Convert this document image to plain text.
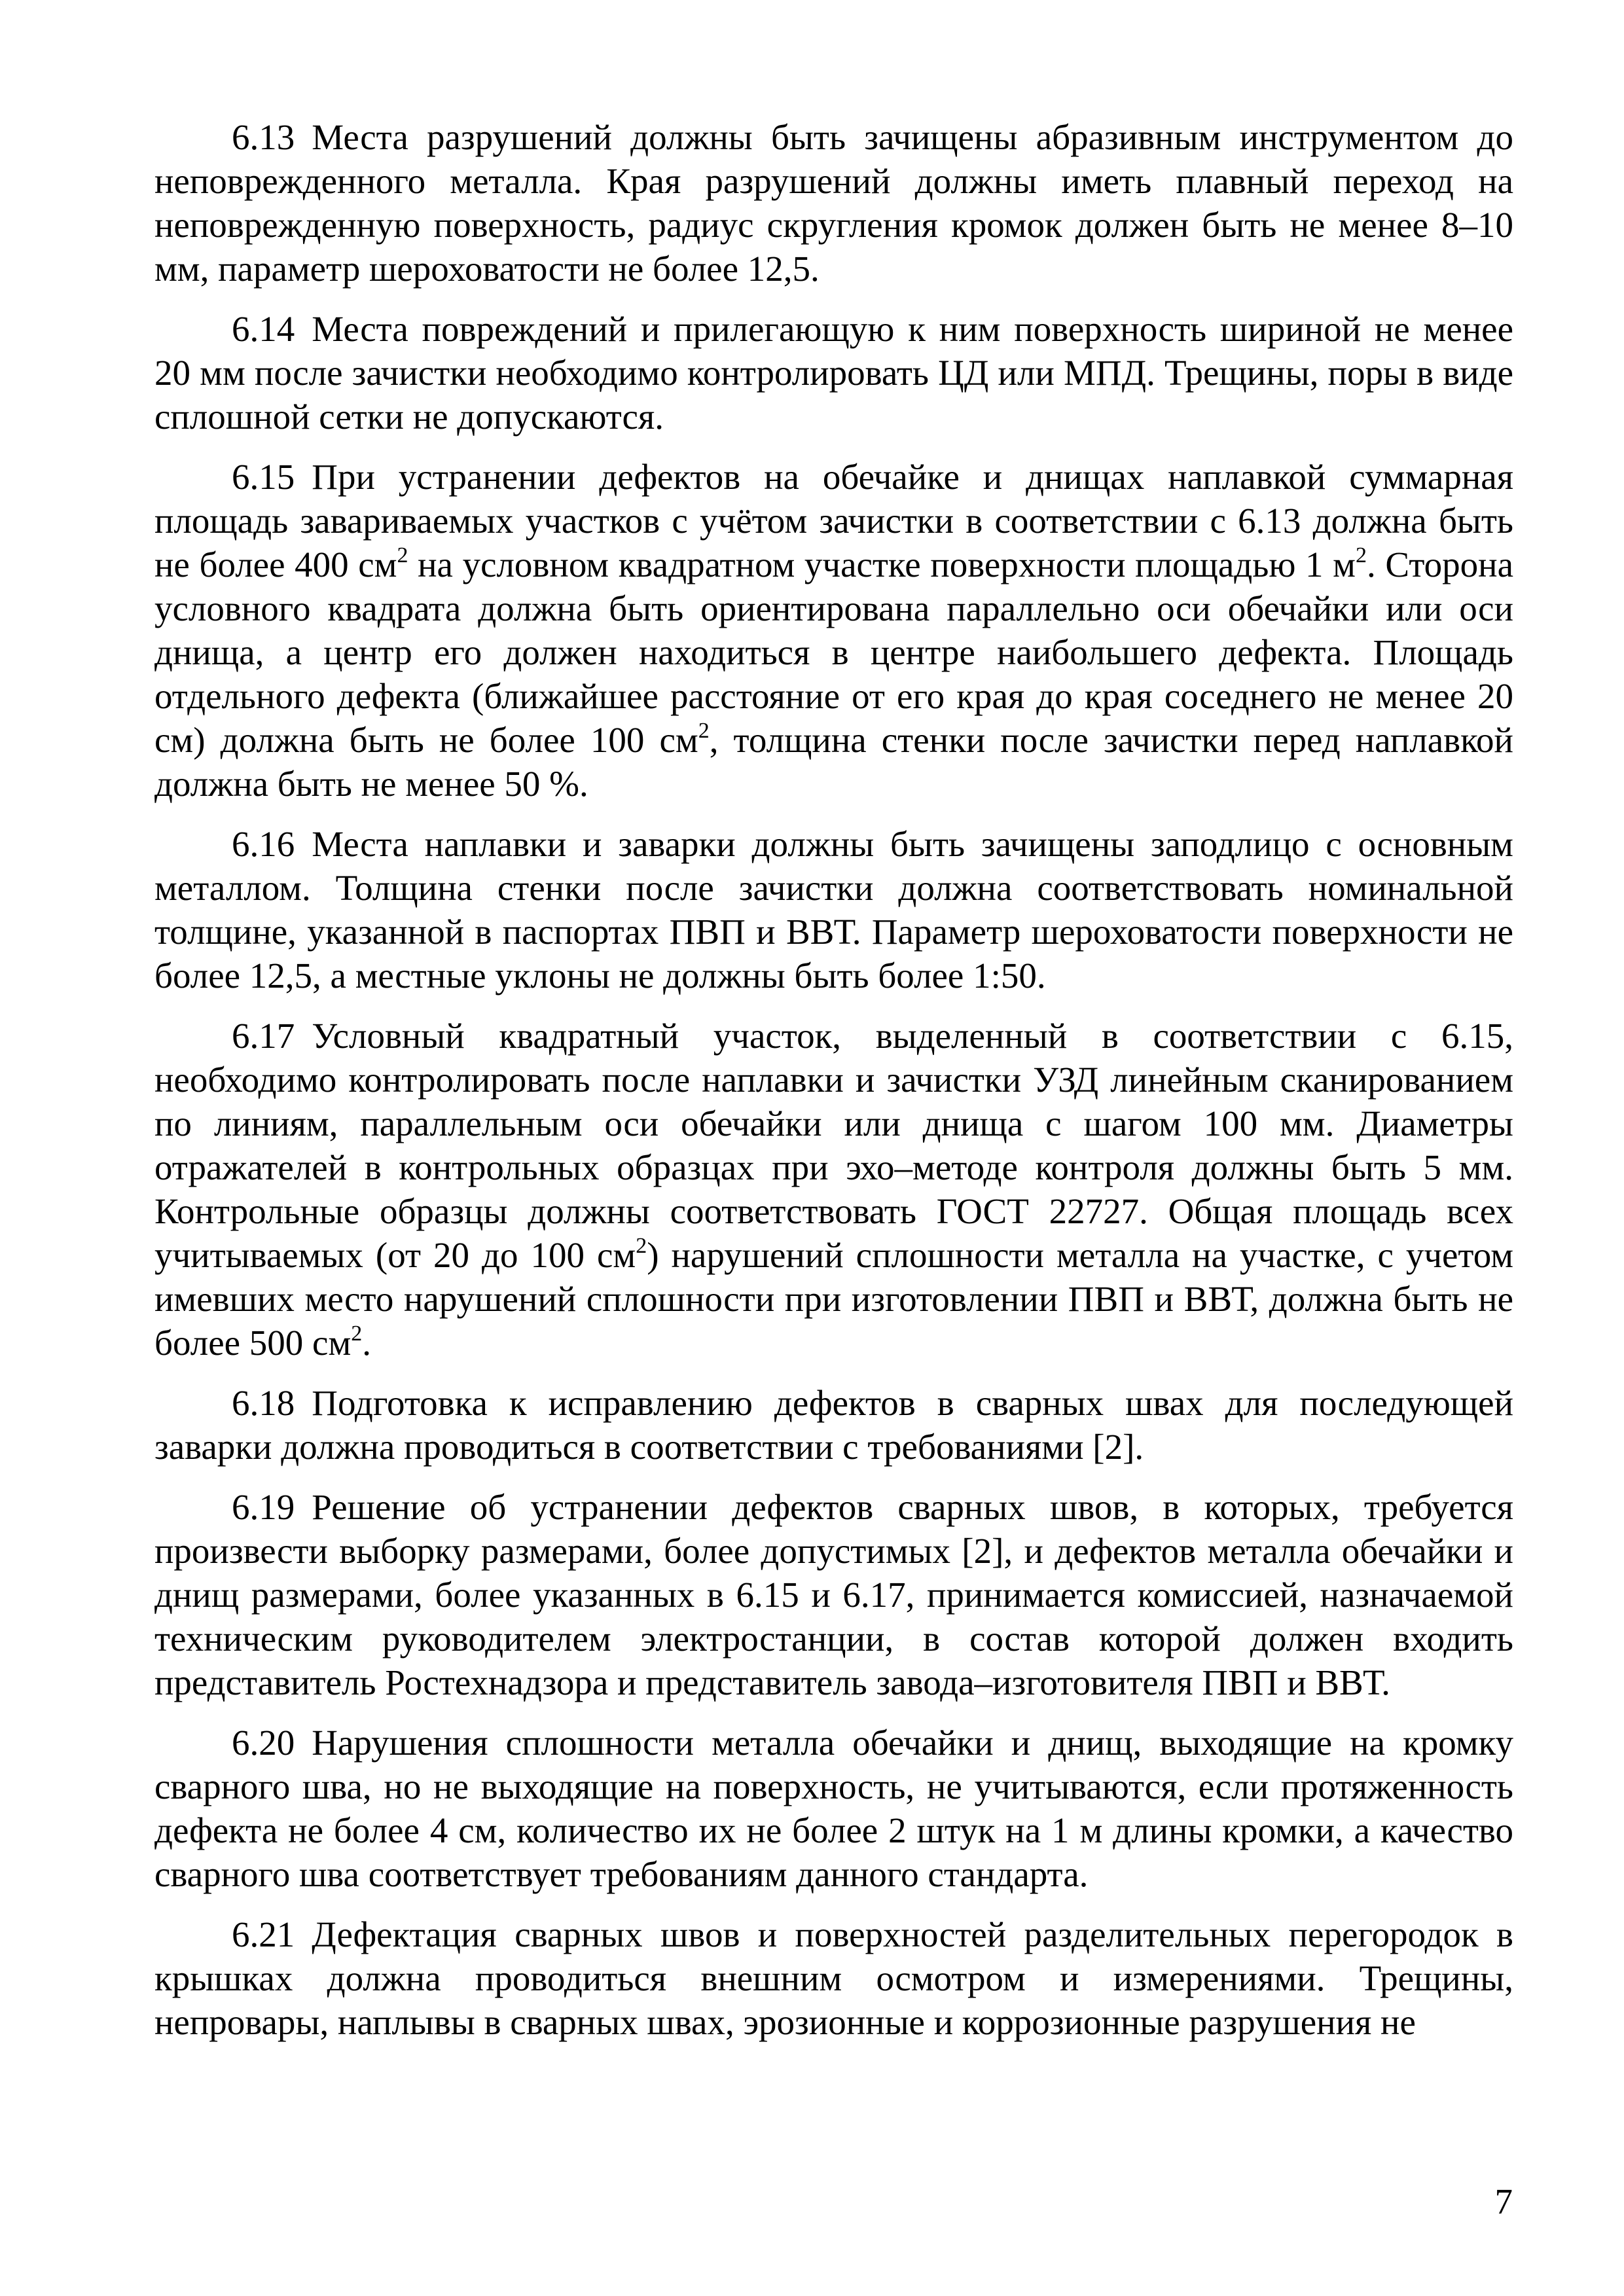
6.13 Места разрушений должны быть зачищены абразивным инструментом до неповрежденного металла. Края разрушений должны иметь плавный переход на неповрежденную поверхность, радиус скругления кромок должен быть не менее 8–10 мм, параметр шероховатости не более 12,5.

6.14 Места повреждений и прилегающую к ним поверхность шириной не менее 20 мм после зачистки необходимо контролировать ЦД или МПД. Трещины, поры в виде сплошной сетки не допускаются.

6.15 При устранении дефектов на обечайке и днищах наплавкой суммарная площадь завариваемых участков с учётом зачистки в соответствии с 6.13 должна быть не более 400 $см^2$ на условном квадратном участке поверхности площадью 1 $м^2$. Сторона условного квадрата должна быть ориентирована параллельно оси обечайки или оси днища, а центр его должен находиться в центре наибольшего дефекта. Площадь отдельного дефекта (ближайшее расстояние от его края до края соседнего не менее 20 см) должна быть не более 100 $см^2$, толщина стенки после зачистки перед наплавкой должна быть не менее 50 %.

6.16 Места наплавки и заварки должны быть зачищены заподлицо с основным металлом. Толщина стенки после зачистки должна соответствовать номинальной толщине, указанной в паспортах ПВП и ВВТ. Параметр шероховатости поверхности не более 12,5, а местные уклоны не должны быть более 1:50.

6.17 Условный квадратный участок, выделенный в соответствии с 6.15, необходимо контролировать после наплавки и зачистки УЗД линейным сканированием по линиям, параллельным оси обечайки или днища с шагом 100 мм. Диаметры отражателей в контрольных образцах при эхо–методе контроля должны быть 5 мм. Контрольные образцы должны соответствовать ГОСТ 22727. Общая площадь всех учитываемых (от 20 до 100 $см^2$) нарушений сплошности металла на участке, с учетом имевших место нарушений сплошности при изготовлении ПВП и ВВТ, должна быть не более 500 $см^2$.

6.18 Подготовка к исправлению дефектов в сварных швах для последующей заварки должна проводиться в соответствии с требованиями [2].

6.19 Решение об устранении дефектов сварных швов, в которых, требуется произвести выборку размерами, более допустимых [2], и дефектов металла обечайки и днищ размерами, более указанных в 6.15 и 6.17, принимается комиссией, назначаемой техническим руководителем электростанции, в состав которой должен входить представитель Ростехнадзора и представитель завода–изготовителя ПВП и ВВТ.

6.20 Нарушения сплошности металла обечайки и днищ, выходящие на кромку сварного шва, но не выходящие на поверхность, не учитываются, если протяженность дефекта не более 4 см, количество их не более 2 штук на 1 м длины кромки, а качество сварного шва соответствует требованиям данного стандарта.

6.21 Дефектация сварных швов и поверхностей разделительных перегородок в крышках должна проводиться внешним осмотром и измерениями. Трещины, непровары, наплывы в сварных швах, эрозионные и коррозионные разрушения не

7
